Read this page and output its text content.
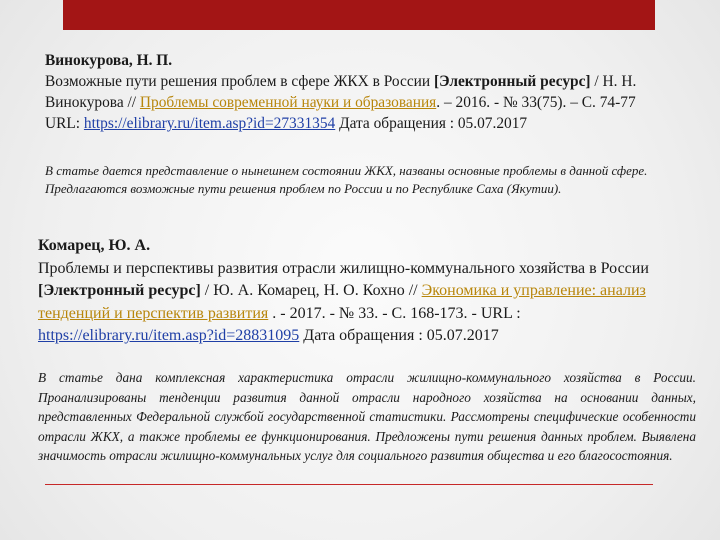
Винокурова, Н. П.
Возможные пути решения проблем в сфере ЖКХ в России [Электронный ресурс] / Н. Н. Винокурова // Проблемы современной науки и образования. – 2016. - № 33(75). – С. 74-77
URL: https://elibrary.ru/item.asp?id=27331354 Дата обращения : 05.07.2017
В статье дается представление о нынешнем состоянии ЖКХ, названы основные проблемы в данной сфере. Предлагаются возможные пути решения проблем по России и по Республике Саха (Якутии).
Комарец, Ю. А.
Проблемы и перспективы развития отрасли жилищно-коммунального хозяйства в России [Электронный ресурс] / Ю. А. Комарец, Н. О. Кохно // Экономика и управление: анализ тенденций и перспектив развития . - 2017. - № 33. - С. 168-173. - URL : https://elibrary.ru/item.asp?id=28831095 Дата обращения : 05.07.2017
В статье дана комплексная характеристика отрасли жилищно-коммунального хозяйства в России. Проанализированы тенденции развития данной отрасли народного хозяйства на основании данных, представленных Федеральной службой государственной статистики. Рассмотрены специфические особенности отрасли ЖКХ, а также проблемы ее функционирования. Предложены пути решения данных проблем. Выявлена значимость отрасли жилищно-коммунальных услуг для социального развития общества и его благосостояния.
